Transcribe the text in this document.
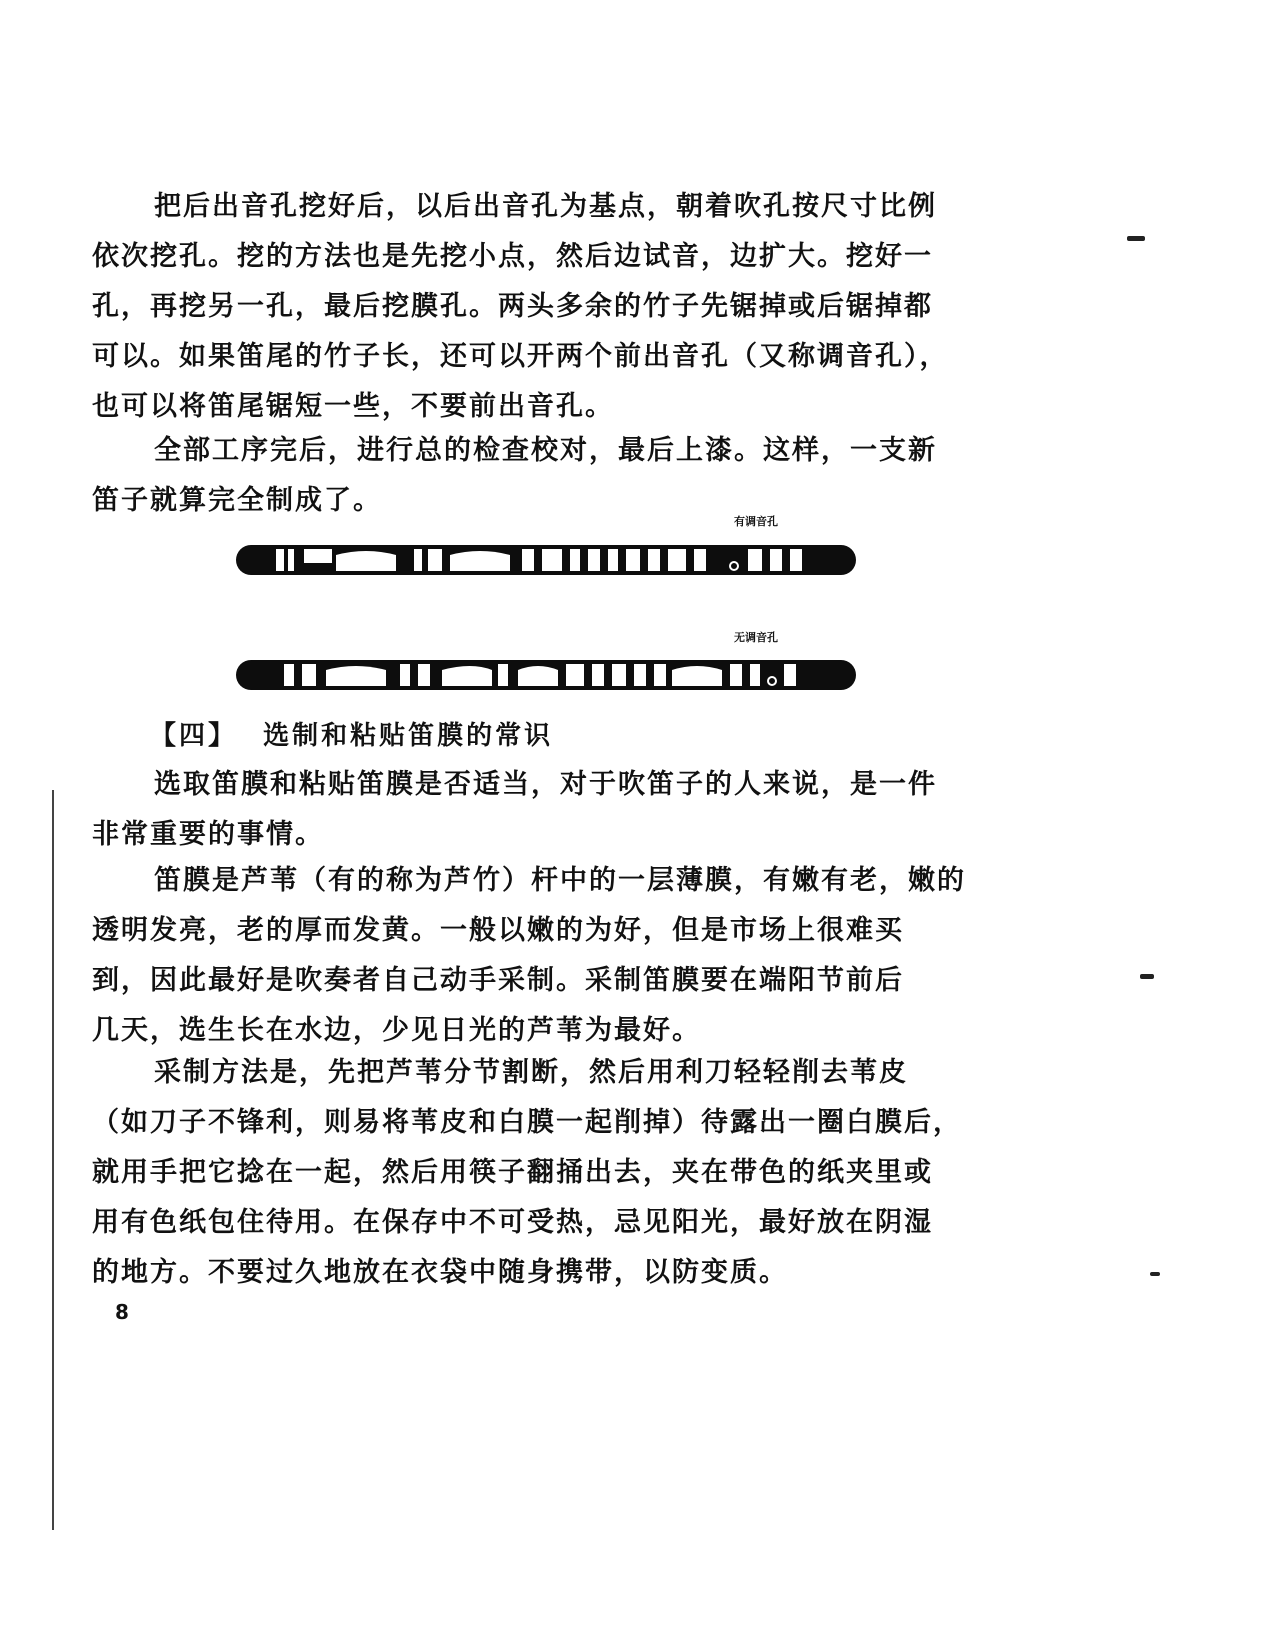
把后出音孔挖好后，以后出音孔为基点，朝着吹孔按尺寸比例
依次挖孔。挖的方法也是先挖小点，然后边试音，边扩大。挖好一
孔，再挖另一孔，最后挖膜孔。两头多余的竹子先锯掉或后锯掉都
可以。如果笛尾的竹子长，还可以开两个前出音孔（又称调音孔），
也可以将笛尾锯短一些，不要前出音孔。
全部工序完后，进行总的检查校对，最后上漆。这样，一支新
笛子就算完全制成了。
有调音孔
无调音孔
【四】 选制和粘贴笛膜的常识
选取笛膜和粘贴笛膜是否适当，对于吹笛子的人来说，是一件
非常重要的事情。
笛膜是芦苇（有的称为芦竹）杆中的一层薄膜，有嫩有老，嫩的
透明发亮，老的厚而发黄。一般以嫩的为好，但是市场上很难买
到，因此最好是吹奏者自己动手采制。采制笛膜要在端阳节前后
几天，选生长在水边，少见日光的芦苇为最好。
采制方法是，先把芦苇分节割断，然后用利刀轻轻削去苇皮
（如刀子不锋利，则易将苇皮和白膜一起削掉）待露出一圈白膜后，
就用手把它捻在一起，然后用筷子翻捅出去，夹在带色的纸夹里或
用有色纸包住待用。在保存中不可受热，忌见阳光，最好放在阴湿
的地方。不要过久地放在衣袋中随身携带，以防变质。
8
